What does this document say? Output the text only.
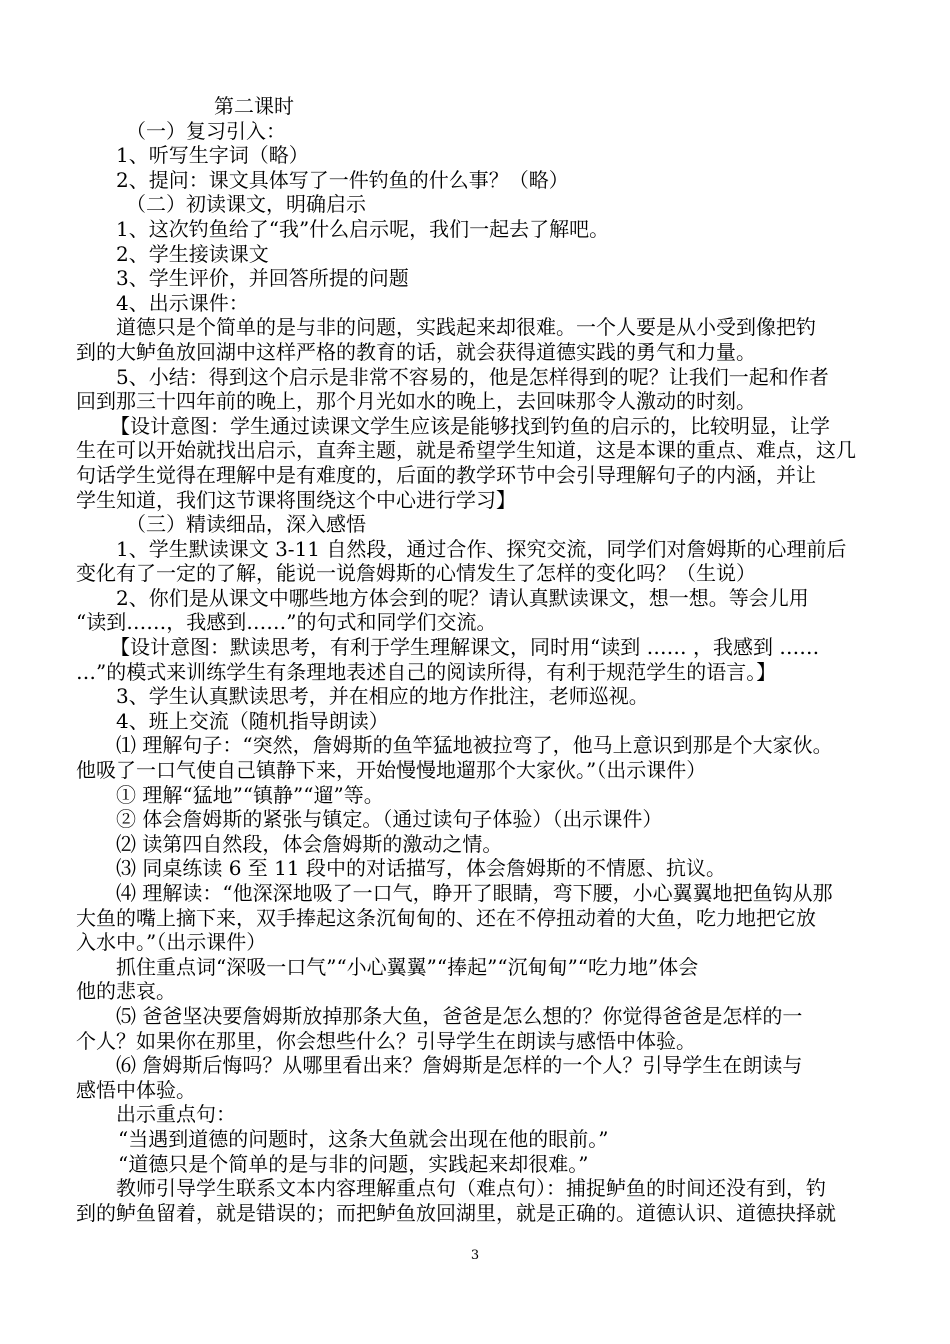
第二课时
（一）复习引入：
1、听写生字词（略）
2、提问：课文具体写了一件钓鱼的什么事？（略）
（二）初读课文，明确启示
1、这次钓鱼给了“我”什么启示呢，我们一起去了解吧。
2、学生接读课文
3、学生评价，并回答所提的问题
4、出示课件：
道德只是个简单的是与非的问题，实践起来却很难。一个人要是从小受到像把钓
到的大鲈鱼放回湖中这样严格的教育的话，就会获得道德实践的勇气和力量。
5、小结：得到这个启示是非常不容易的，他是怎样得到的呢？让我们一起和作者
回到那三十四年前的晚上，那个月光如水的晚上，去回味那令人激动的时刻。
【设计意图：学生通过读课文学生应该是能够找到钓鱼的启示的，比较明显，让学
生在可以开始就找出启示，直奔主题，就是希望学生知道，这是本课的重点、难点，这几
句话学生觉得在理解中是有难度的，后面的教学环节中会引导理解句子的内涵，并让
学生知道，我们这节课将围绕这个中心进行学习】
（三）精读细品，深入感悟
1、学生默读课文 3-11 自然段，通过合作、探究交流，同学们对詹姆斯的心理前后
变化有了一定的了解，能说一说詹姆斯的心情发生了怎样的变化吗？（生说）
2、你们是从课文中哪些地方体会到的呢？请认真默读课文，想一想。等会儿用
“读到……，我感到……”的句式和同学们交流。
【设计意图：默读思考，有利于学生理解课文，同时用“读到 …… ，我感到 ……
…”的模式来训练学生有条理地表述自己的阅读所得，有利于规范学生的语言。】
3、学生认真默读思考，并在相应的地方作批注，老师巡视。
4、班上交流（随机指导朗读）
⑴ 理解句子：“突然，詹姆斯的鱼竿猛地被拉弯了，他马上意识到那是个大家伙。
他吸了一口气使自己镇静下来，开始慢慢地遛那个大家伙。”（出示课件）
① 理解“猛地”“镇静”“遛”等。
② 体会詹姆斯的紧张与镇定。（通过读句子体验）（出示课件）
⑵ 读第四自然段，体会詹姆斯的激动之情。
⑶ 同桌练读 6 至 11 段中的对话描写，体会詹姆斯的不情愿、抗议。
⑷ 理解读：“他深深地吸了一口气，睁开了眼睛，弯下腰，小心翼翼地把鱼钩从那
大鱼的嘴上摘下来，双手捧起这条沉甸甸的、还在不停扭动着的大鱼，吃力地把它放
入水中。”（出示课件）
抓住重点词“深吸一口气”“小心翼翼”“捧起”“沉甸甸”“吃力地”体会
他的悲哀。
⑸ 爸爸坚决要詹姆斯放掉那条大鱼，爸爸是怎么想的？你觉得爸爸是怎样的一
个人？如果你在那里，你会想些什么？引导学生在朗读与感悟中体验。
⑹ 詹姆斯后悔吗？从哪里看出来？詹姆斯是怎样的一个人？引导学生在朗读与
感悟中体验。
出示重点句：
“当遇到道德的问题时，这条大鱼就会出现在他的眼前。”
“道德只是个简单的是与非的问题，实践起来却很难。”
教师引导学生联系文本内容理解重点句（难点句）：捕捉鲈鱼的时间还没有到，钓
到的鲈鱼留着，就是错误的；而把鲈鱼放回湖里，就是正确的。道德认识、道德抉择就
3
